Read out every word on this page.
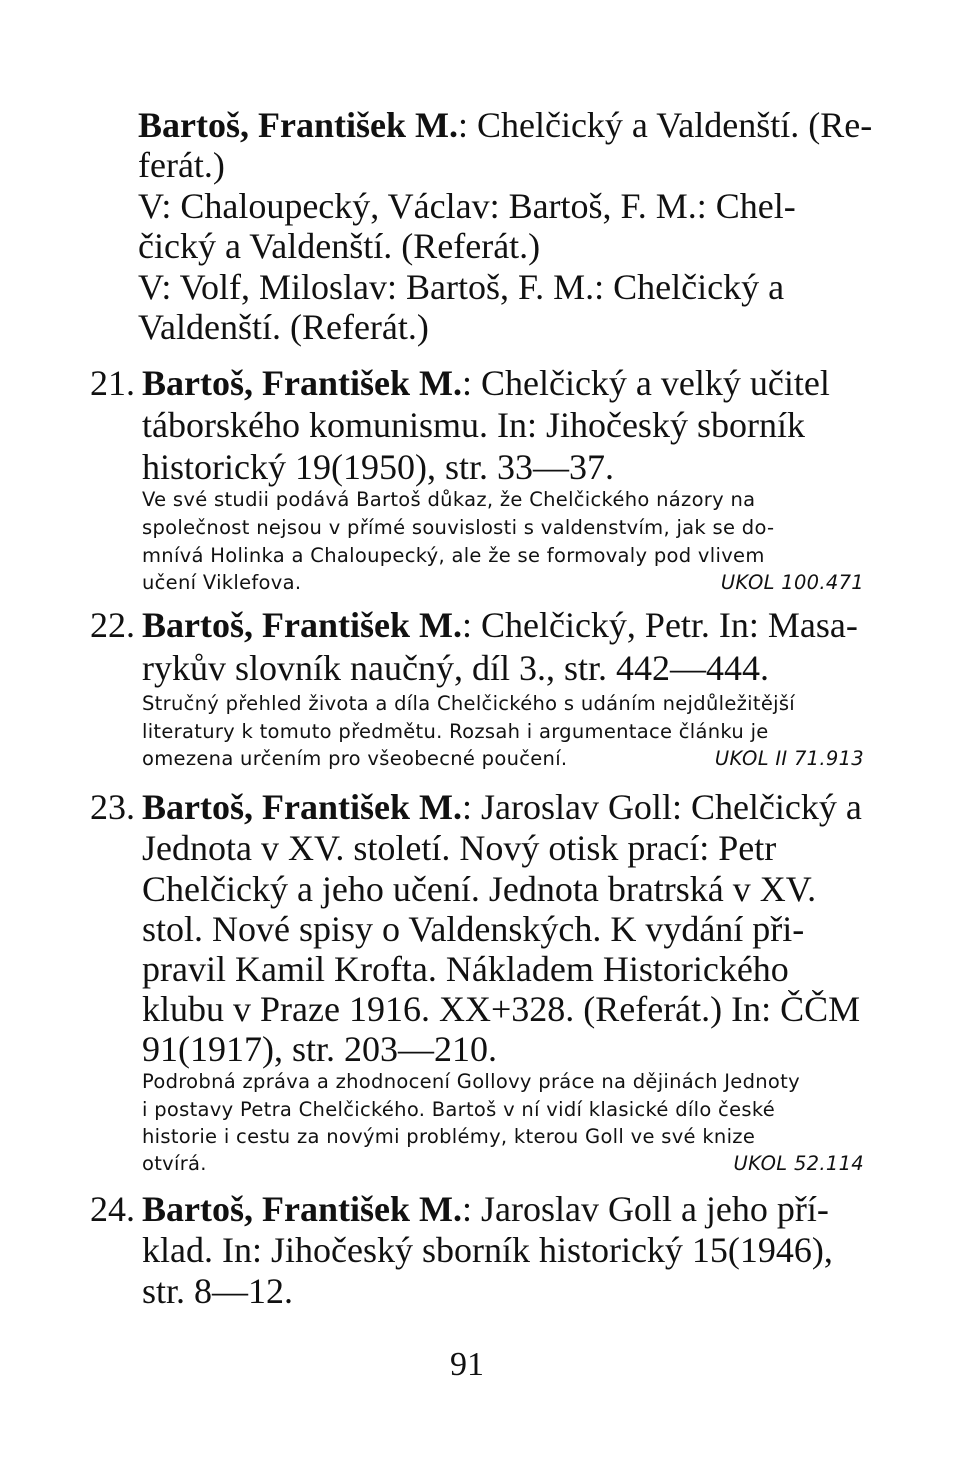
Bartoš, František M.: Chelčický a Valdenští. (Re-
ferát.)
V: Chaloupecký, Václav: Bartoš, F. M.: Chel-
čický a Valdenští. (Referát.)
V: Volf, Miloslav: Bartoš, F. M.: Chelčický a
Valdenští. (Referát.)
21. Bartoš, František M.: Chelčický a velký učitel
táborského komunismu. In: Jihočeský sborník
historický 19(1950), str. 33—37.
Ve své studii podává Bartoš důkaz, že Chelčického názory na
společnost nejsou v přímé souvislosti s valdenstvím, jak se do-
mnívá Holinka a Chaloupecký, ale že se formovaly pod vlivem
učení Viklefova.	UKOL 100.471
22. Bartoš, František M.: Chelčický, Petr. In: Masa-
rykův slovník naučný, díl 3., str. 442—444.
Stručný přehled života a díla Chelčického s udáním nejdůležitější
literatury k tomuto předmětu. Rozsah i argumentace článku je
omezena určením pro všeobecné poučení.	UKOL II 71.913
23. Bartoš, František M.: Jaroslav Goll: Chelčický a
Jednota v XV. století. Nový otisk prací: Petr
Chelčický a jeho učení. Jednota bratrská v XV.
stol. Nové spisy o Valdenských. K vydání při-
pravil Kamil Krofta. Nákladem Historického
klubu v Praze 1916. XX+328. (Referát.) In: ČČM
91(1917), str. 203—210.
Podrobná zpráva a zhodnocení Gollovy práce na dějinách Jednoty
i postavy Petra Chelčického. Bartoš v ní vidí klasické dílo české
historie i cestu za novými problémy, kterou Goll ve své knize
otvírá.	UKOL 52.114
24. Bartoš, František M.: Jaroslav Goll a jeho pří-
klad. In: Jihočeský sborník historický 15(1946),
str. 8—12.
91
